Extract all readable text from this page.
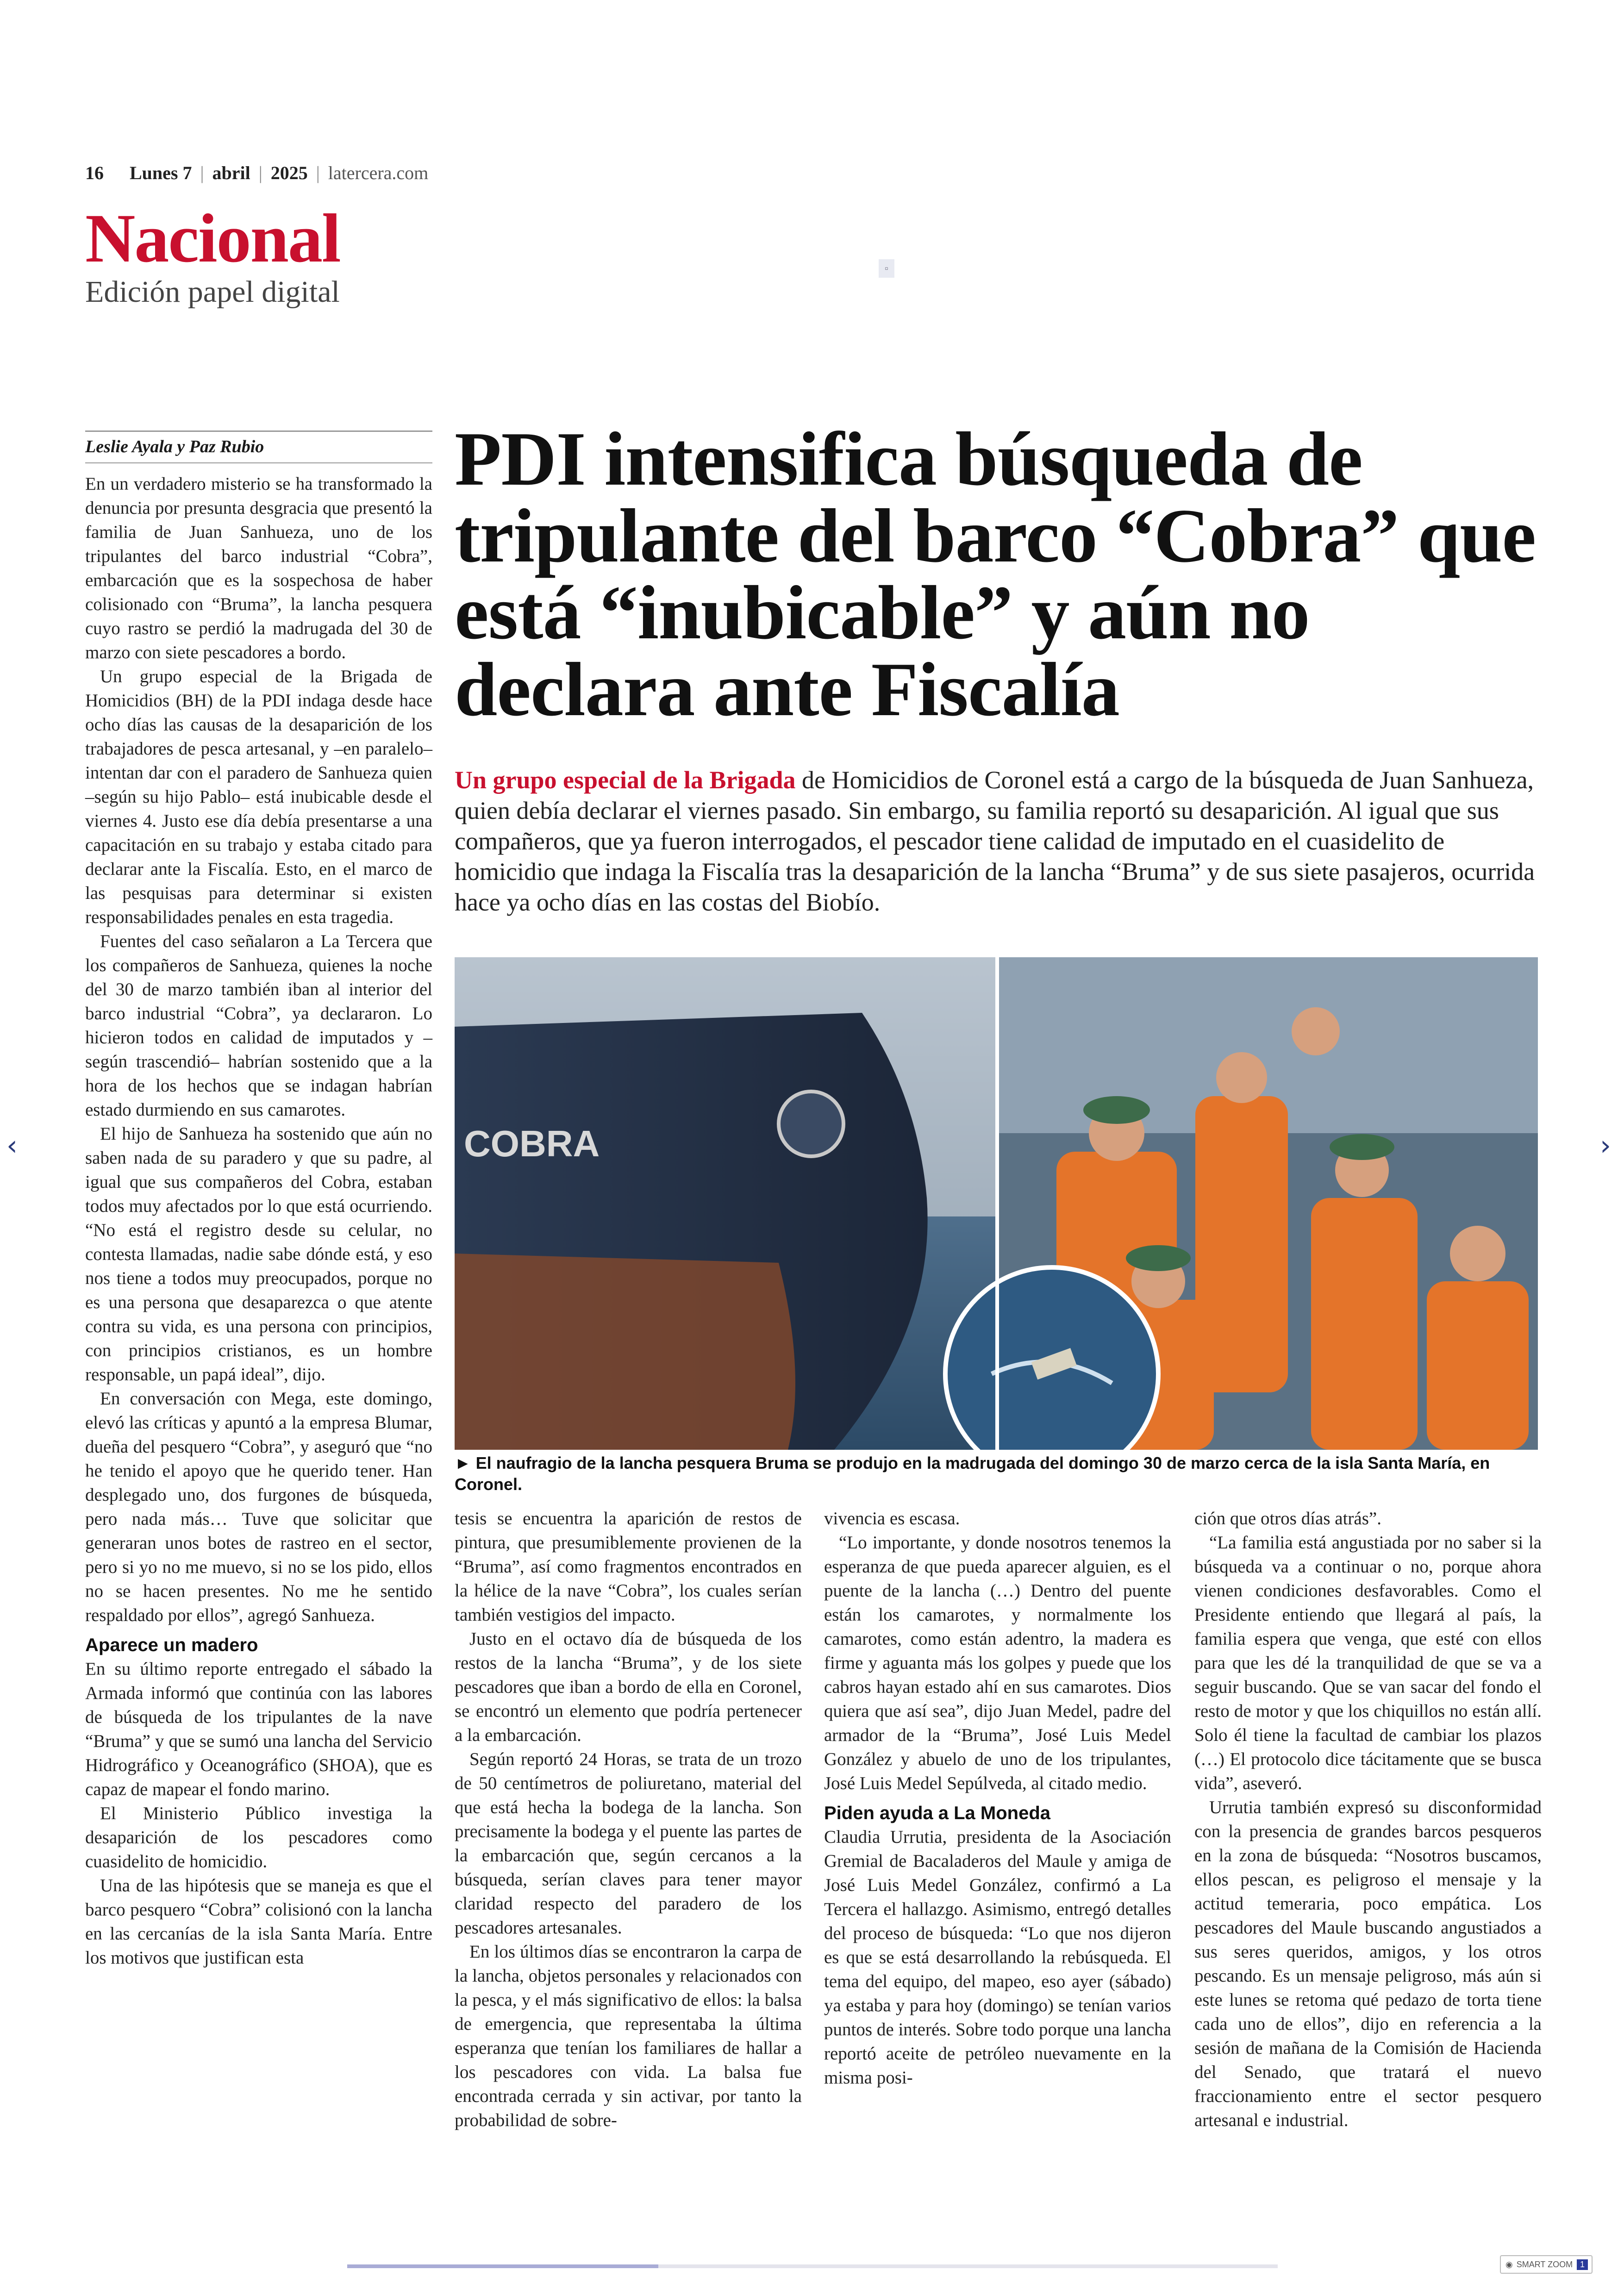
16 Lunes 7 | abril | 2025 | latercera.com
Nacional
Edición papel digital
▫
Leslie Ayala y Paz Rubio	PDI intensifica búsqueda de tripulante del barco “Cobra” que está “inubicable” y aún no declara ante Fiscalía
Un grupo especial de la Brigada de Homicidios de Coronel está a cargo de la búsqueda de Juan Sanhueza, quien debía declarar el viernes pasado. Sin embargo, su familia reportó su desaparición. Al igual que sus compañeros, que ya fueron interrogados, el pescador tiene calidad de imputado en el cuasidelito de homicidio que indaga la Fiscalía tras la desaparición de la lancha “Bruma” y de sus siete pasajeros, ocurrida hace ya ocho días en las costas del Biobío.
COBRA
► El naufragio de la lancha pesquera Bruma se produjo en la madrugada del domingo 30 de marzo cerca de la isla Santa María, en Coronel.

En un verdadero misterio se ha transformado la denuncia por presunta desgracia que presentó la familia de Juan Sanhueza, uno de los tripulantes del barco industrial “Cobra”, embarcación que es la sospechosa de haber colisionado con “Bruma”, la lancha pesquera cuyo rastro se perdió la madrugada del 30 de marzo con siete pescadores a bordo.

Un grupo especial de la Brigada de Homicidios (BH) de la PDI indaga desde hace ocho días las causas de la desaparición de los trabajadores de pesca artesanal, y –en paralelo– intentan dar con el paradero de Sanhueza quien –según su hijo Pablo– está inubicable desde el viernes 4. Justo ese día debía presentarse a una capacitación en su trabajo y estaba citado para declarar ante la Fiscalía. Esto, en el marco de las pesquisas para determinar si existen responsabilidades penales en esta tragedia.

Fuentes del caso señalaron a La Tercera que los compañeros de Sanhueza, quienes la noche del 30 de marzo también iban al interior del barco industrial “Cobra”, ya declararon. Lo hicieron todos en calidad de imputados y –según trascendió– habrían sostenido que a la hora de los hechos que se indagan habrían estado durmiendo en sus camarotes.

El hijo de Sanhueza ha sostenido que aún no saben nada de su paradero y que su padre, al igual que sus compañeros del Cobra, estaban todos muy afectados por lo que está ocurriendo. “No está el registro desde su celular, no contesta llamadas, nadie sabe dónde está, y eso nos tiene a todos muy preocupados, porque no es una persona que desaparezca o que atente contra su vida, es una persona con principios, con principios cristianos, es un hombre responsable, un papá ideal”, dijo.

En conversación con Mega, este domingo, elevó las críticas y apuntó a la empresa Blumar, dueña del pesquero “Cobra”, y aseguró que “no he tenido el apoyo que he querido tener. Han desplegado uno, dos furgones de búsqueda, pero nada más… Tuve que solicitar que generaran unos botes de rastreo en el sector, pero si yo no me muevo, si no se los pido, ellos no se hacen presentes. No me he sentido respaldado por ellos”, agregó Sanhueza.

Aparece un madero

En su último reporte entregado el sábado la Armada informó que continúa con las labores de búsqueda de los tripulantes de la nave “Bruma” y que se sumó una lancha del Servicio Hidrográfico y Oceanográfico (SHOA), que es capaz de mapear el fondo marino.

El Ministerio Público investiga la desaparición de los pescadores como cuasidelito de homicidio.

Una de las hipótesis que se maneja es que el barco pesquero “Cobra” colisionó con la lancha en las cercanías de la isla Santa María. Entre los motivos que justifican esta

tesis se encuentra la aparición de restos de pintura, que presumiblemente provienen de la “Bruma”, así como fragmentos encontrados en la hélice de la nave “Cobra”, los cuales serían también vestigios del impacto.

Justo en el octavo día de búsqueda de los restos de la lancha “Bruma”, y de los siete pescadores que iban a bordo de ella en Coronel, se encontró un elemento que podría pertenecer a la embarcación.

Según reportó 24 Horas, se trata de un trozo de 50 centímetros de poliuretano, material del que está hecha la bodega de la lancha. Son precisamente la bodega y el puente las partes de la embarcación que, según cercanos a la búsqueda, serían claves para tener mayor claridad respecto del paradero de los pescadores artesanales.

En los últimos días se encontraron la carpa de la lancha, objetos personales y relacionados con la pesca, y el más significativo de ellos: la balsa de emergencia, que representaba la última esperanza que tenían los familiares de hallar a los pescadores con vida. La balsa fue encontrada cerrada y sin activar, por tanto la probabilidad de sobre-

vivencia es escasa.

“Lo importante, y donde nosotros tenemos la esperanza de que pueda aparecer alguien, es el puente de la lancha (…) Dentro del puente están los camarotes, y normalmente los camarotes, como están adentro, la madera es firme y aguanta más los golpes y puede que los cabros hayan estado ahí en sus camarotes. Dios quiera que así sea”, dijo Juan Medel, padre del armador de la “Bruma”, José Luis Medel González y abuelo de uno de los tripulantes, José Luis Medel Sepúlveda, al citado medio.

Piden ayuda a La Moneda

Claudia Urrutia, presidenta de la Asociación Gremial de Bacaladeros del Maule y amiga de José Luis Medel González, confirmó a La Tercera el hallazgo. Asimismo, entregó detalles del proceso de búsqueda: “Lo que nos dijeron es que se está desarrollando la rebúsqueda. El tema del equipo, del mapeo, eso ayer (sábado) ya estaba y para hoy (domingo) se tenían varios puntos de interés. Sobre todo porque una lancha reportó aceite de petróleo nuevamente en la misma posi-

ción que otros días atrás”.

“La familia está angustiada por no saber si la búsqueda va a continuar o no, porque ahora vienen condiciones desfavorables. Como el Presidente entiendo que llegará al país, la familia espera que venga, que esté con ellos para que les dé la tranquilidad de que se va a seguir buscando. Que se van sacar del fondo el resto de motor y que los chiquillos no están allí. Solo él tiene la facultad de cambiar los plazos (…) El protocolo dice tácitamente que se busca vida”, aseveró.

Urrutia también expresó su disconformidad con la presencia de grandes barcos pesqueros en la zona de búsqueda: “Nosotros buscamos, ellos pescan, es peligroso el mensaje y la actitud temeraria, poco empática. Los pescadores del Maule buscando angustiados a sus seres queridos, amigos, y los otros pescando. Es un mensaje peligroso, más aún si este lunes se retoma qué pedazo de torta tiene cada uno de ellos”, dijo en referencia a la sesión de mañana de la Comisión de Hacienda del Senado, que tratará el nuevo fraccionamiento entre el sector pesquero artesanal e industrial.

‹	›
◉ SMART ZOOM 1
